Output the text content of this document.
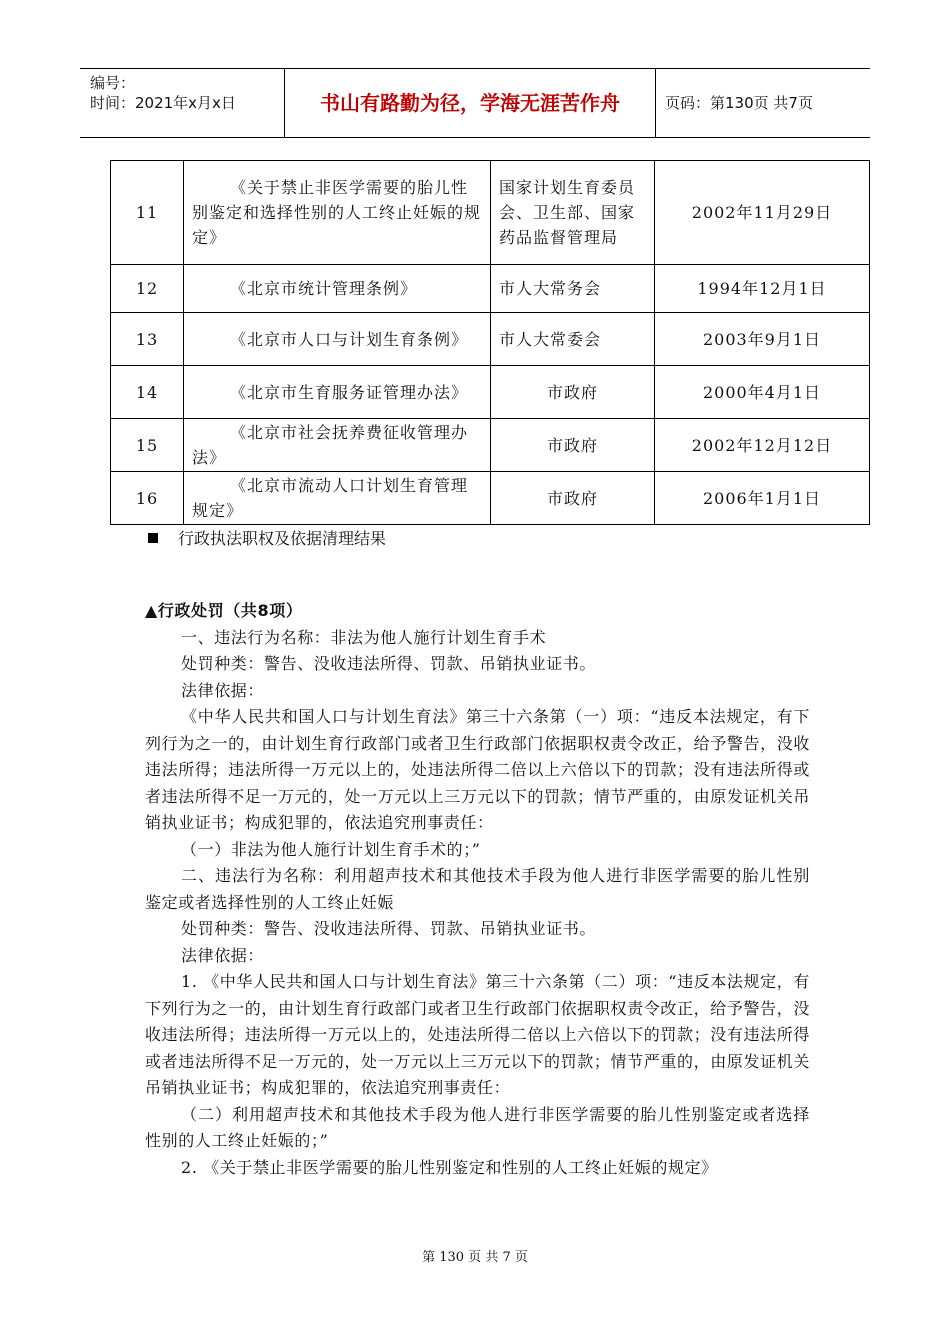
编号：
时间：2021年x月x日	书山有路勤为径，学海无涯苦作舟	页码：第130页 共7页
11	《关于禁止非医学需要的胎儿性别鉴定和选择性别的人工终止妊娠的规定》	国家计划生育委员会、卫生部、国家药品监督管理局	2002年11月29日
12	《北京市统计管理条例》	市人大常务会	1994年12月1日
13	《北京市人口与计划生育条例》	市人大常委会	2003年9月1日
14	《北京市生育服务证管理办法》	市政府	2000年4月1日
15	《北京市社会抚养费征收管理办法》	市政府	2002年12月12日
16	《北京市流动人口计划生育管理规定》	市政府	2006年1月1日
行政执法职权及依据清理结果

▲行政处罚（共8项）

一、违法行为名称：非法为他人施行计划生育手术

处罚种类：警告、没收违法所得、罚款、吊销执业证书。

法律依据：

《中华人民共和国人口与计划生育法》第三十六条第（一）项：“违反本法规定，有下列行为之一的，由计划生育行政部门或者卫生行政部门依据职权责令改正，给予警告，没收违法所得；违法所得一万元以上的，处违法所得二倍以上六倍以下的罚款；没有违法所得或者违法所得不足一万元的，处一万元以上三万元以下的罚款；情节严重的，由原发证机关吊销执业证书；构成犯罪的，依法追究刑事责任：

（一）非法为他人施行计划生育手术的；”

二、违法行为名称：利用超声技术和其他技术手段为他人进行非医学需要的胎儿性别鉴定或者选择性别的人工终止妊娠

处罚种类：警告、没收违法所得、罚款、吊销执业证书。

法律依据：

1. 《中华人民共和国人口与计划生育法》第三十六条第（二）项：“违反本法规定，有下列行为之一的，由计划生育行政部门或者卫生行政部门依据职权责令改正，给予警告，没收违法所得；违法所得一万元以上的，处违法所得二倍以上六倍以下的罚款；没有违法所得或者违法所得不足一万元的，处一万元以上三万元以下的罚款；情节严重的，由原发证机关吊销执业证书；构成犯罪的，依法追究刑事责任：

（二）利用超声技术和其他技术手段为他人进行非医学需要的胎儿性别鉴定或者选择性别的人工终止妊娠的；”

2. 《关于禁止非医学需要的胎儿性别鉴定和性别的人工终止妊娠的规定》

第 130 页 共 7 页
